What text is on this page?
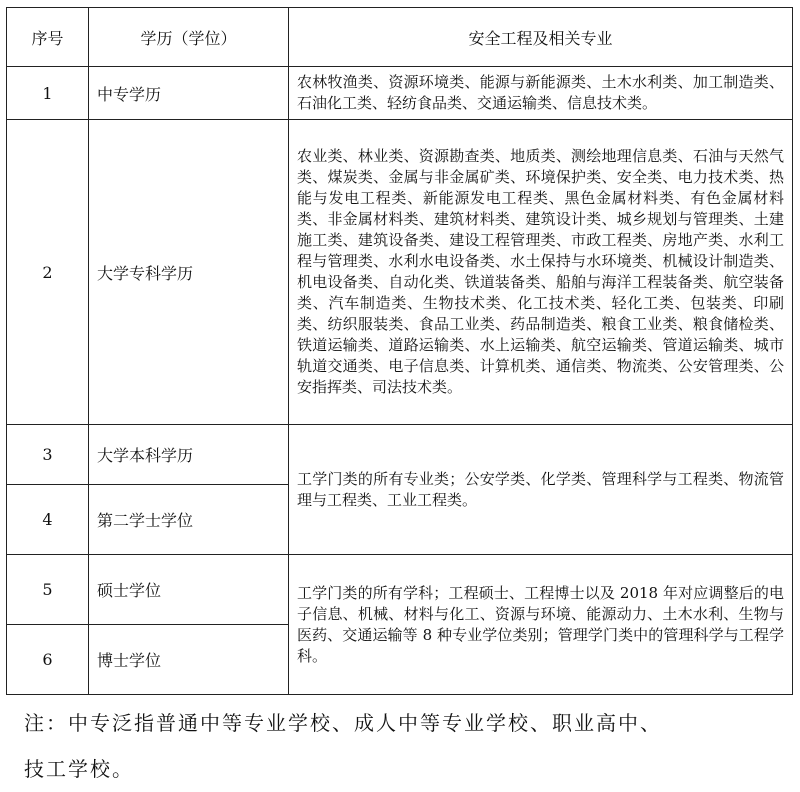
序号	学历（学位）	安全工程及相关专业
1	中专学历	农林牧渔类、资源环境类、能源与新能源类、土木水利类、加工制造类、石油化工类、轻纺食品类、交通运输类、信息技术类。
2	大学专科学历	农业类、林业类、资源勘查类、地质类、测绘地理信息类、石油与天然气类、煤炭类、金属与非金属矿类、环境保护类、安全类、电力技术类、热能与发电工程类、新能源发电工程类、黑色金属材料类、有色金属材料类、非金属材料类、建筑材料类、建筑设计类、城乡规划与管理类、土建施工类、建筑设备类、建设工程管理类、市政工程类、房地产类、水利工程与管理类、水利水电设备类、水土保持与水环境类、机械设计制造类、机电设备类、自动化类、铁道装备类、船舶与海洋工程装备类、航空装备类、汽车制造类、生物技术类、化工技术类、轻化工类、包装类、印刷类、纺织服装类、食品工业类、药品制造类、粮食工业类、粮食储检类、铁道运输类、道路运输类、水上运输类、航空运输类、管道运输类、城市轨道交通类、电子信息类、计算机类、通信类、物流类、公安管理类、公安指挥类、司法技术类。
3	大学本科学历	工学门类的所有专业类；公安学类、化学类、管理科学与工程类、物流管理与工程类、工业工程类。
4	第二学士学位	
5	硕士学位	工学门类的所有学科；工程硕士、工程博士以及 2018 年对应调整后的电子信息、机械、材料与化工、资源与环境、能源动力、土木水利、生物与医药、交通运输等 8 种专业学位类别；管理学门类中的管理科学与工程学科。
6	博士学位	
注：中专泛指普通中等专业学校、成人中等专业学校、职业高中、
技工学校。
